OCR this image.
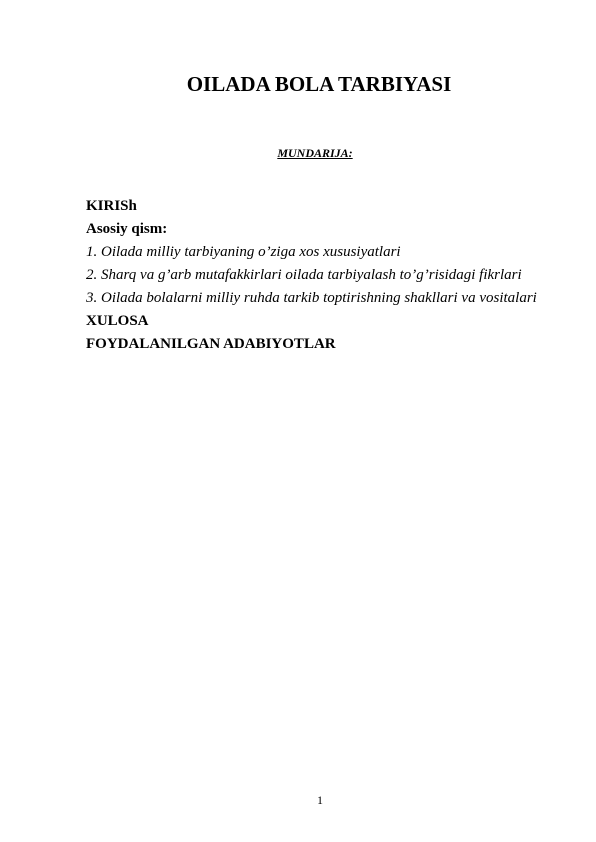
OILADA BOLA TARBIYASI
MUNDARIJA:
KIRISh
Asosiy qism:
1. Oilada milliy tarbiyaning o’ziga xos xususiyatlari
2. Sharq va g’arb mutafakkirlari oilada tarbiyalash to’g’risidagi fikrlari
3. Oilada bolalarni milliy ruhda tarkib toptirishning shakllari va vositalari
XULOSA
FOYDALANILGAN ADABIYOTLAR
1
